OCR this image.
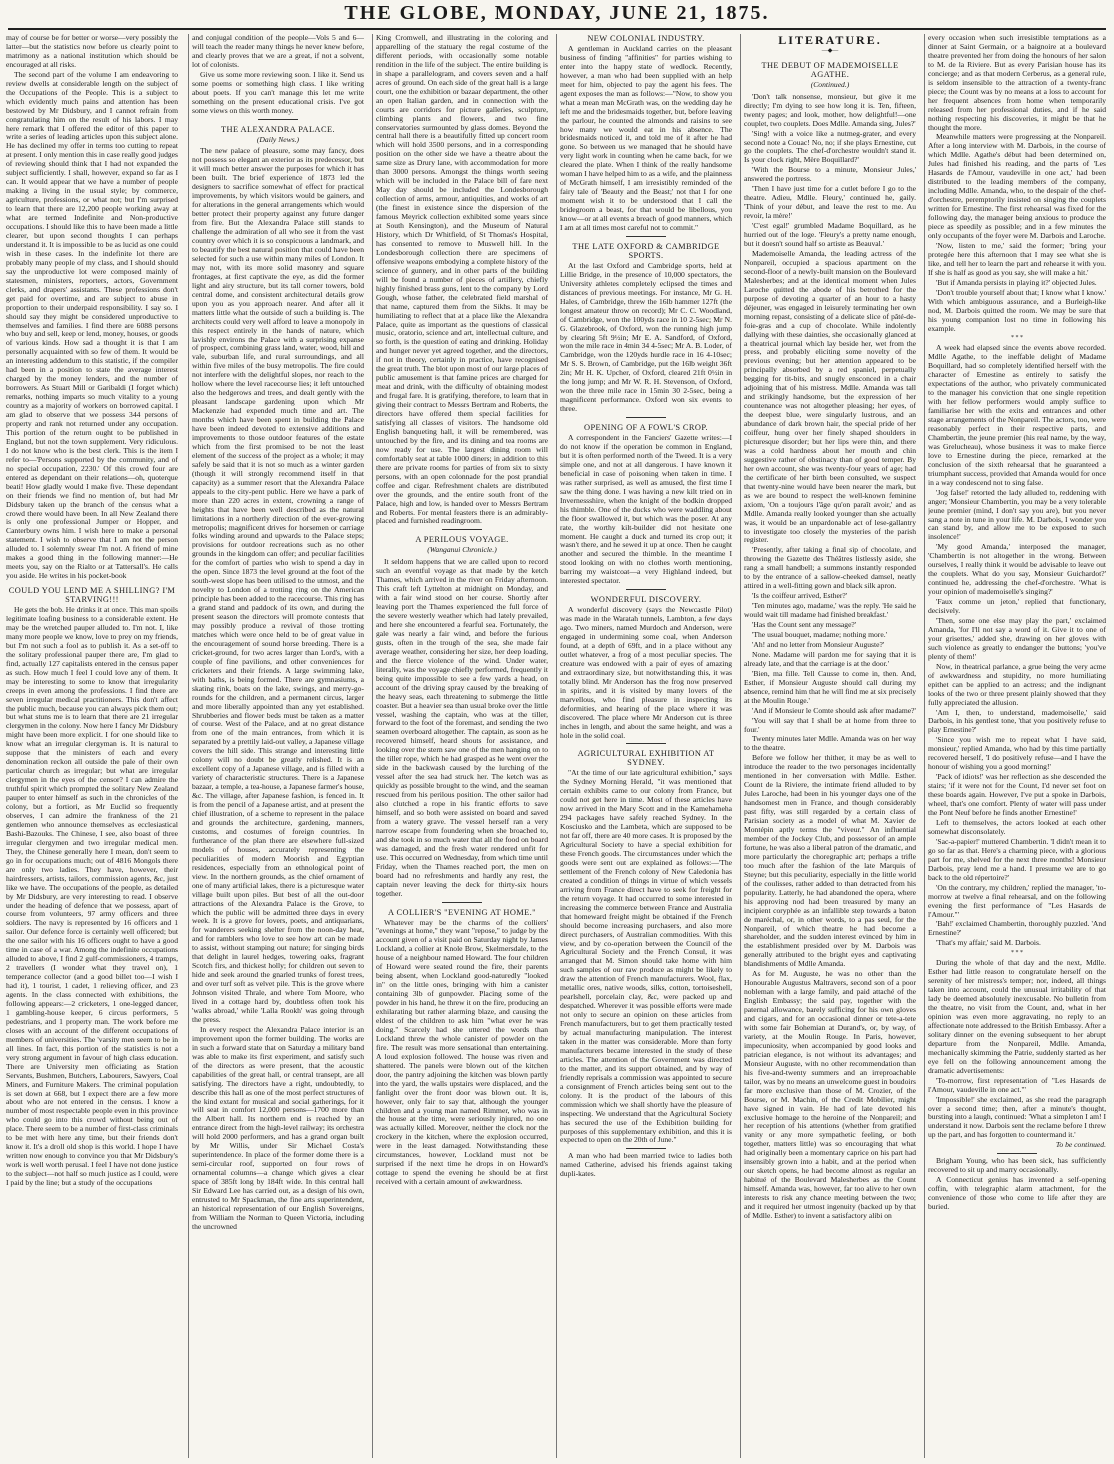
THE GLOBE, MONDAY, JUNE 21, 1875.

may of course be for better or worse—very possibly the latter—but the statistics now before us clearly point to matrimony as a national institution which should be encouraged at all risks.

The second part of the volume I am endeavoring to review dwells at considerable length on the subject of the Occupations of the People. This is a subject to which evidently much pains and attention has been bestowed by Mr Didsbury, and I cannot refrain from congratulating him on the result of his labors. I may here remark that I offered the editor of this paper to write a series of leading articles upon this subject alone. He has declined my offer in terms too cutting to repeat at present. I only mention this in case really good judges of reviewing should think that I had not expanded the subject sufficiently. I shall, however, expand so far as I can. It would appear that we have a number of people making a living in the usual style; by commerce, agriculture, professions, or what not; but I'm surprised to learn that there are 12,200 people working away at what are termed Indefinite and Non-productive occupations. I should like this to have been made a little clearer, but upon second thoughts I can perhaps understand it. It is impossible to be as lucid as one could wish in these cases. In the indefinite lot there are probably many people of my class, and I should should say the unproductive lot were composed mainly of statesmen, ministers, reporters, actors, Government clerks, and drapers' assistants. These professions don't get paid for overtime, and are subject to abuse in proportion to their underpaid responsibility. I say so. I should say they might be considered unproductive to themselves and families. I find there are 6088 persons who buy and sell, keep or lend, money, houses, or goods of various kinds. How sad a thought it is that I am personally acquainted with so few of them. It would be an interesting addendum to this statistic, if the compiler had been in a position to state the average interest charged by the money lenders, and the number of borrowers. As Stuart Mill or Garibaldi (I forget which) remarks, nothing imparts so much vitality to a young country as a majority of workers on borrowed capital. I am glad to observe that we possess 344 persons of property and rank not returned under any occupation. This portion of the return ought to be published in England, but not the town supplement. Very ridiculous. I do not know who is the best clerk. This is the item I refer to—'Persons supported by the community, and of no special occupation, 2230.' Of this crowd four are entered as dependant on their relations—oh, quoterque beati! How gladly would I make five. These dependant on their friends we find no mention of, but had Mr Didsbury taken up the branch of the census what a crowd there would have been. In all New Zealand there is only one professional Jumper or Hopper, and Canterbury owns him. I wish here to make a personal statement. I wish to observe that I am not the person alluded to. I solemnly swear I'm not. A friend of mine makes a good thing in the following manner:—He meets you, say on the Rialto or at Tattersall's. He calls you aside. He writes in his pocket-book

COULD YOU LEND ME A SHILLING? I'M STARVING!!!

He gets the bob. He drinks it at once. This man spoils legitimate loafing business to a considerable extent. He may be the wretched pauper alluded to. I'm not. I, like many more people we know, love to prey on my friends, but I'm not such a fool as to publish it. As a set-off to the solitary professional pauper there are, I'm glad to find, actually 127 capitalists entered in the census paper as such. How much I feel I could love any of them. It may be interesting to some to know that irregularity creeps in even among the professions. I find there are seven irregular medical practitioners. This don't affect the public much, because you can always pick them out; but what stuns me is to learn that there are 21 irregular clergymen in the colony. Now here I fancy Mr Didsbury might have been more explicit. I for one should like to know what an irregular clergyman is. It is natural to suppose that the ministers of each and every denomination reckon all outside the pale of their own particular church as irregular; but what are irregular clergymen in the eyes of the censor? I can admire the truthful spirit which prompted the solitary New Zealand pauper to enter himself as such in the chronicles of the colony, but a fortiori, as Mr Euclid so frequently observes, I can admire the frankness of the 21 gentlemen who announce themselves as ecclesiastical Bashi-Bazouks. The Chinese, I see, also boast of three irregular clergymen and two irregular medical men. They, the Chinese generally here I mean, don't seem to go in for occupations much; out of 4816 Mongols there are only two ladies. They have, however, their hairdressers, artists, tailors, commission agents, &c, just like we have. The occupations of the people, as detailed by Mr Didsbury, are very interesting to read. I observe under the heading of defence that we possess, apart of course from volunteers, 97 army officers and three soldiers. The navy is represented by 16 officers and 1 sailor. Our defence force is certainly well officered; but the one sailor with his 16 officers ought to have a good time in case of a war. Among the indefinite occupations alluded to above, I find 2 gulf-commissioners, 4 tramps, 2 travellers (I wonder what they travel on), 1 temperance collector (and a good billet too—I wish I had it), 1 tourist, 1 cadet, 1 relieving officer, and 23 agents. In the class connected with exhibitions, the following appears:—2 cricketers, 1 one-legged dancer, 1 gambling-house keeper, 6 circus performers, 5 pedestrians, and 1 property man. The work before me closes with an account of the different occupations of members of universities. The 'varsity men seem to be in all lines. In fact, this portion of the statistics is not a very strong argument in favour of high class education. There are University men officiating as Station Servants, Bushmen, Butchers, Labourers, Sawyers, Coal Miners, and Furniture Makers. The criminal population is set down at 668, but I expect there are a few more about who are not entered in the census. I know a number of most respectable people even in this province who could go into this crowd without being out of place. There seem to be a number of first-class criminals to be met with here any time, but their friends don't know it. It's a droll old shop is this world. I hope I have written now enough to convince you that Mr Didsbury's work is well worth perusal. I feel I have not done justice to the subject—not half so much justice as I could, were I paid by the line; but a study of the occupations

and conjugal condition of the people—Vols 5 and 6—will teach the reader many things he never knew before, and clearly proves that we are a great, if not a solvent, lot of colonists.

Give us some more reviewing soon. I like it. Send us some poems or something high class. I like writing about poets. If you can't manage this let me write something on the present educational crisis. I've got some views on this worth money.

THE ALEXANDRA PALACE.
(Daily News.)

The new palace of pleasure, some may fancy, does not possess so elegant an exterior as its predecessor, but it will much better answer the purposes for which it has been built. The brief experience of 1873 led the designers to sacrifice somewhat of effect for practical improvements, by which visitors would be gainers, and for alterations in the general arrangements which would better protect their property against any future danger from fire. But the Alexandra Palace still stands to challenge the admiration of all who see it from the vast country over which it is so conspicuous a landmark, and to beautify the best natural position that could have been selected for such a use within many miles of London. It may not, with its more solid masonry and square frontages, at first captivate the eye, as did the former light and airy structure, but its tall corner towers, bold central dome, and consistent architectural details grow upon you as you approach nearer. And after all it matters little what the outside of such a building is. The architects could very well afford to leave a monopoly in this respect entirely in the hands of nature, which lavishly environs the Palace with a surprising expanse of prospect, combining grass land, water, wood, hill and vale, suburban life, and rural surroundings, and all within five miles of the busy metropolis. The fire could not interfere with the delightful slopes, nor reach to the hollow where the level racecourse lies; it left untouched also the hedgerows and trees, and dealt gently with the pleasant landscape gardening upon which Mr Mackenzie had expended much time and art. The months which have been spent in building the Palace have been indeed devoted to extensive additions and improvements to those outdoor features of the estate which from the first promised to be not the least element of the success of the project as a whole; it may safely be said that it is not so much as a winter garden (though it will strongly recommend itself in that capacity) as a summer resort that the Alexandra Palace appeals to the city-pent public. Here we have a park of more than 220 acres in extent, crowning a range of heights that have been well described as the natural limitations in a northerly direction of the ever-growing metropolis; magnificent drives for horsemen or carriage folks winding around and upwards to the Palace steps; provisions for outdoor recreations such as no other grounds in the kingdom can offer; and peculiar facilities for the comfort of parties who wish to spend a day in the open. Since 1873 the level ground at the foot of the south-west slope has been utilised to the utmost, and the novelty to London of a trotting ring on the American principle has been added to the racecourse. This ring has a grand stand and paddock of its own, and during the present season the directors will promote contests that may possibly produce a revival of those trotting matches which were once held to be of great value in the encouragement of sound horse breeding. There is a cricket-ground, for two acres larger than Lord's, with a couple of fine pavilions, and other conveniences for cricketers and their friends. A large swimming lake, with baths, is being formed. There are gymnasiums, a skating rink, boats on the lake, swings, and merry-go-rounds for the children, and a permanent circus, larger and more liberally appointed than any yet established. Shrubberies and flower beds must be taken as a matter of course. West of the Palace, and at no great distance from one of the main entrances, from which it is separated by a prettily laid-out valley, a Japanese village covers the hill side. This strange and interesting little colony will no doubt be greatly relished. It is an excellent copy of a Japanese village, and is filled with a variety of characteristic structures. There is a Japanese bazaar, a temple, a tea-house, a Japanese farmer's house, &c. The village, after Japanese fashion, is fenced in. It is from the pencil of a Japanese artist, and at present the chief illustration, of a scheme to represent in the palace and grounds the architecture, gardening, manners, customs, and costumes of foreign countries. In furtherance of the plan there are elsewhere full-sized models of houses, accurately representing the peculiarities of modern Moorish and Egyptian residences, especially from an ethnological point of view. In the northern grounds, as the chief ornament of one of many artificial lakes, there is a picturesque water village built upon piles. But best of all the out-door attractions of the Alexandra Palace is the Grove, to which the public will be admitted three days in every week. It is a grove for lovers, poets, and antiquarians, for wanderers seeking shelter from the noon-day heat, and for ramblers who love to see how art can be made to assist, without stamping out nature; for singing birds that delight in laurel hedges, towering oaks, fragrant Scotch firs, and thickest holly; for children out seven to hide and seek around the gnarled trunks of forest trees, and over turf soft as velvet pile. This is the grove where Johnson visited Thrale, and where Tom Moore, who lived in a cottage hard by, doubtless often took his 'walks abroad,' while 'Lalla Rookh' was going through the press.

In every respect the Alexandra Palace interior is an improvement upon the former building. The works are in such a forward state that on Saturday a military band was able to make its first experiment, and satisfy such of the directors as were present, that the acoustic capabilities of the great hall, or central transept, are all satisfying. The directors have a right, undoubtedly, to describe this hall as one of the most perfect structures of the kind extant for musical and social gatherings, for it will seat in comfort 12,000 persons—1700 more than the Albert hall. Its northern end is reached by an entrance direct from the high-level railway; its orchestra will hold 2000 performers, and has a grand organ built by Mr Willis, under Sir Michael Costa's superintendence. In place of the former dome there is a semi-circular roof, supported on four rows of ornamental columns—a change which gives a clear space of 385ft long by 184ft wide. In this central hall Sir Edward Lee has carried out, as a design of his own, entrusted to Mr Spackman, the fine arts superintendent, an historical representation of our English Sovereigns, from William the Norman to Queen Victoria, including the uncrowned

King Cromwell, and illustrating in the coloring and apparelling of the statuary the regal costume of the different periods, with occasionally some notable rendition in the life of the subject. The entire building is in shape a parallelogram, and covers seven and a half acres of ground. On each side of the great hall is a large court, one the exhibition or bazaar department, the other an open Italian garden, and in connection with the courts are corridors for picture galleries, sculpture, climbing plants and flowers, and two fine conservatories surmounted by glass domes. Beyond the central hall there is a beautifully fitted up concert room which will hold 3500 persons, and in a corresponding position on the other side we have a theatre about the same size as Drury lane, with accommodation for more than 3000 persons. Amongst the things worth seeing which will be included in the Palace bill of fare next May day should be included the Londesborough collection of arms, armour, antiquities, and works of art (the finest in existence since the dispersion of the famous Meyrick collection exhibited some years since at South Kensington), and the Museum of Natural History, which Dr Whitfield, of St Thomas's Hospital, has consented to remove to Muswell hill. In the Londesborough collection there are specimens of offensive weapons embodying a complete history of the science of gunnery, and in other parts of the building will be found a number of pieces of artillery, chiefly highly finished brass guns, lent to the company by Lord Gough, whose father, the celebrated field marshal of that name, captured them from the Sikhs. It may be humiliating to reflect that at a place like the Alexandra Palace, quite as important as the questions of classical music, oratorio, science and art, intellectual culture, and so forth, is the question of eating and drinking. Holiday and hunger never yet agreed together, and the directors, if not in theory, certainly in practice, have recognised the great truth. The blot upon most of our large places of public amusement is that famine prices are charged for meat and drink, with the difficulty of obtaining modest and frugal fare. It is gratifying, therefore, to learn that in giving their contract to Messrs Bertram and Roberts, the directors have offered them special facilities for satisfying all classes of visitors. The handsome old English banqueting hall, it will be remembered, was untouched by the fire, and its dining and tea rooms are now ready for use. The largest dining room will comfortably seat at table 1000 diners; in addition to this there are private rooms for parties of from six to sixty persons, with an open colonnade for the post prandial coffee and cigar. Refreshment chalets are distributed over the grounds, and the entire south front of the Palace, high and low, is handed over to Messrs Bertram and Roberts. For mental feasters there is an admirably-placed and furnished readingroom.

A PERILOUS VOYAGE.
(Wanganui Chronicle.)

It seldom happens that we are called upon to record such an eventful voyage as that made by the ketch Thames, which arrived in the river on Friday afternoon. This craft left Lyttelton at midnight on Monday, and with a fair wind stood on her course. Shortly after leaving port the Thames experienced the full force of the severe westerly weather which had lately prevailed, and here she encountered a fearful sea. Fortunately, the gale was nearly a fair wind, and before the furious gusts, often in the trough of the sea, she made fair average weather, considering her size, her deep loading, and the fierce violence of the wind. Under water, literally, was the voyage chiefly performed, frequently it being quite impossible to see a few yards a head, on account of the driving spray caused by the breaking of the heavy seas, each threatening to submerge the little coaster. But a heavier sea than usual broke over the little vessel, washing the captain, who was at the tiller, forward to the foot of the foremast, and sending the two seamen overboard altogether. The captain, as soon as he recovered himself, heard shouts for assistance, and looking over the stern saw one of the men hanging on to the tiller rope, which he had grasped as he went over the side in the backwash caused by the lurching of the vessel after the sea had struck her. The ketch was as quickly as possible brought to the wind, and the seaman rescued from his perilous position. The other sailor had also clutched a rope in his frantic efforts to save himself, and so both were assisted on board and saved from a watery grave. The vessel herself ran a very narrow escape from foundering when she broached to, and she took in so much water that all the food on board was damaged, and the fresh water rendered unfit for use. This occurred on Wednesday, from which time until Friday, when the Thames reached port, the men on board had no refreshments and hardly any rest, the captain never leaving the deck for thirty-six hours together.

A COLLIER'S "EVENING AT HOME."

Whatever may be the charms of the colliers' "evenings at home," they want "repose," to judge by the account given of a visit paid on Saturday night by James Lockland, a collier at Knole Brow, Skelmersdale, to the house of a neighbour named Howard. The four children of Howard were seated round the fire, their parents being absent, when Lockland good-naturedly "looked in" on the little ones, bringing with him a canister containing 3lb of gunpowder. Placing some of the powder in his hand, he threw it on the fire, producing an exhilarating but rather alarming blaze, and causing the eldest of the children to ask him "what ever he was doing." Scarcely had she uttered the words than Lockland threw the whole canister of powder on the fire. The result was more sensational than entertaining. A loud explosion followed. The house was riven and shattered. The panels were blown out of the kitchen door, the pantry adjoining the kitchen was blown partly into the yard, the walls upstairs were displaced, and the fanlight over the front door was blown out. It is, however, only fair to say that, although the younger children and a young man named Rimmer, who was in the house at the time, were seriously injured, no one was actually killed. Moreover, neither the clock nor the crockery in the kitchen, where the explosion occurred, were in the least damaged. Notwithstanding these circumstances, however, Lockland must not be surprised if the next time he drops in on Howard's cottage to spend the evening he should be at first received with a certain amount of awkwardness.

NEW COLONIAL INDUSTRY.

A gentleman in Auckland carries on the pleasant business of finding "affinities" for parties wishing to enter into the happy state of wedlock. Recently, however, a man who had been supplied with an help meet for him, objected to pay the agent his fees. The agent exposes the man as follows:—"Now, to show you what a mean man McGrath was, on the wedding day he left me and the bridesmaids together, but, before leaving the parlour, he counted the almonds and raisins to see how many we would eat in his absence. The bridesmaids noticed it, and told me of it after he had gone. So between us we managed that he should have very light work in counting when he came back, for we cleared the plate. When I think of the really handsome woman I have helped him to as a wife, and the plainness of McGrath himself, I am irresistibly reminded of the fairy tale of 'Beauty and the Beast;' not that I for one moment wish it to be understood that I call the bridegroom a beast, for that would be libellous, you know—or at all events a breach of good manners, which I am at all times most careful not to commit."

THE LATE OXFORD & CAMBRIDGE SPORTS.

At the last Oxford and Cambridge sports, held at Lillie Bridge, in the presence of 10,000 spectators, the University athletes completely eclipsed the times and distances of previous meetings. For instance, Mr G. H. Hales, of Cambridge, threw the 16lb hammer 127ft (the longest amateur throw on record); Mr C. C. Woodland, of Cambridge, won the 100yds race in 10 2-5sec; Mr N. G. Glazebrook, of Oxford, won the running high jump by clearing 5ft 9½in; Mr E. A. Sandford, of Oxford, won the mile race in 4min 34 4-5sec; Mr A. B. Loder, of Cambridge, won the 120yds hurdle race in 16 4-10sec; Mr S. S. Brown, of Cambridge, put the 16lb weight 36ft 2in; Mr H. K. Upcher, of Oxford, cleared 21ft 0½in in the long jump; and Mr W. R. H. Stevenson, of Oxford, won the three mile race in 15min 30 2-5sec, being a magnificent performance. Oxford won six events to three.

OPENING OF A FOWL'S CROP.

A correspondent in the Fanciers' Gazette writes:—I do not know if the operation be common in England, but it is often performed north of the Tweed. It is a very simple one, and not at all dangerous. I have known it beneficial in case of poisoning when taken in time. I was rather surprised, as well as amused, the first time I saw the thing done. I was having a new kilt tried on in Invernessshire, when the knight of the bodkin dropped his thimble. One of the ducks who were waddling about the floor swallowed it, but which was the poser. At any rate, the worthy kilt-builder did not hesitate one moment. He caught a duck and turned its crop out; it wasn't there, and he sewed it up at once. Then he caught another and secured the thimble. In the meantime I stood looking on with no clothes worth mentioning, barring my waistcoat—a very Highland indeed, but interested spectator.

WONDERFUL DISCOVERY.

A wonderful discovery (says the Newcastle Pilot) was made in the Waratah tunnels, Lambton, a few days ago. Two miners, named Murdoch and Anderson, were engaged in undermining some coal, when Anderson found, at a depth of 69ft, and in a place without any outlet whatever, a frog of a most peculiar species. The creature was endowed with a pair of eyes of amazing and extraordinary size, but notwithstanding this, it was totally blind. Mr Anderson has the frog now preserved in spirits, and it is visited by many lovers of the marvellous, who find pleasure in inspecting its deformities, and hearing of the place where it was discovered. The place where Mr Anderson cut is three inches in length, and about the same height, and was a hole in the solid coal.

AGRICULTURAL EXHIBITION AT SYDNEY.

"At the time of our late agricultural exhibition," says the Sydney Morning Herald, "it was mentioned that certain exhibits came to our colony from France, but could not get here in time. Most of these articles have now arrived in the Mary Scott and in the Kamehameha 294 packages have safely reached Sydney. In the Kosciusko and the Lambeta, which are supposed to be not far off, there are 40 more cases. It is proposed by the Agricultural Society to have a special exhibition for these French goods. The circumstances under which the goods were sent out are explained as follows:—'The settlement of the French colony of New Caledonia has created a condition of things in virtue of which vessels arriving from France direct have to seek for freight for the return voyage. It had occurred to some interested in increasing the commerce between France and Australia that homeward freight might be obtained if the French should become increasing purchasers, and also more direct purchasers, of Australian commodities. With this view, and by co-operation between the Council of the Agricultural Society and the French Consul, it was arranged that M. Simon should take home with him such samples of our raw produce as might be likely to draw the attention of French manufacturers. Wool, flax, metallic ores, native woods, silks, cotton, tortoiseshell, pearlshell, porcelain clay, &c, were packed up and despatched. Wherever it was possible efforts were made not only to secure an opinion on these articles from French manufacturers, but to get them practically tested by actual manufacturing manipulation. The interest taken in the matter was considerable. More than forty manufacturers became interested in the study of these articles. The attention of the Government was directed to the matter, and its support obtained, and by way of friendly reprisals a commission was appointed to secure a consignment of French articles being sent out to the colony. It is the product of the labours of this commission which we shall shortly have the pleasure of inspecting. We understand that the Agricultural Society has secured the use of the Exhibition building for purposes of this supplementary exhibition, and this it is expected to open on the 20th of June."

A man who had been married twice to ladies both named Catherine, advised his friends against taking dupli-kates.

LITERATURE.
—◆—
THE DEBUT OF MADEMOISELLE AGATHE.
(Continued.)

'Don't talk nonsense, monsieur, but give it me directly; I'm dying to see how long it is. Ten, fifteen, twenty pages; and look, mother, how delightful!—one couplet, two couplets. Does Mdlle. Amanda sing, Jules?'

'Sing! with a voice like a nutmeg-grater, and every second note a Couac! No, no; if she plays Ernestine, cut go the couplets. The chef-d'orchestre wouldn't stand it. Is your clock right, Mère Boquillard?'

'With the Bourse to a minute, Monsieur Jules,' answered the portress.

'Then I have just time for a cutlet before I go to the theatre. Adieu, Mdlle. Fleury,' continued he, gaily. 'Think of your début, and leave the rest to me. Au revoir, la mère!'

'C'est egal!' grumbled Madame Boquillard, as he hurried out of the loge. 'Fleury's a pretty name enough, but it doesn't sound half so artiste as Beauval.'

Mademoiselle Amanda, the leading actress of the Nonpareil, occupied a spacious apartment on the second-floor of a newly-built mansion on the Boulevard Malesherbes; and at the identical moment when Jules Laroche quitted the abode of his betrothed for the purpose of devoting a quarter of an hour to a hasty déjeuner, was engaged in leisurely terminating her own morning repast, consisting of a delicate slice of pâté-de-foie-gras and a cup of chocolate. While indolently dallying with these dainties, she occasionally glanced at a theatrical journal which lay beside her, wet from the press, and probably eliciting some novelty of the previous evening; but her attention appeared to be principally absorbed by a red spaniel, perpetually begging for tit-bits, and snugly ensconced in a chair adjoining that of his mistress. Mdlle. Amanda was tall and strikingly handsome, but the expression of her countenance was not altogether pleasing; her eyes, of the deepest blue, were singularly lustrous, and an abundance of dark brown hair, the special pride of her coiffeur, hung over her finely shaped shoulders in picturesque disorder; but her lips were thin, and there was a cold hardness about her mouth and chin suggestive rather of obstinacy than of good temper. By her own account, she was twenty-four years of age; had the certificate of her birth been consulted, we suspect that twenty-nine would have been nearer the mark, but as we are bound to respect the well-known feminine axiom, 'On a toujours l'âge qu'on paraît avoir,' and as Mdlle. Amanda really looked younger than she actually was, it would be an unpardonable act of lese-gallantry to investigate too closely the mysteries of the parish register.

'Presently, after taking a final sip of chocolate, and throwing the Gazette des Théâtres listlessly aside, she rang a small handbell; a summons instantly responded to by the entrance of a sallow-cheeked damsel, neatly attired in a well-fitting gown and black silk apron.

'Is the coiffeur arrived, Esther?'

'Ten minutes ago, madame,' was the reply. 'He said he would wait till madame had finished breakfast.'

'Has the Count sent any message?'

'The usual bouquet, madame; nothing more.'

'Ah! and no letter from Monsieur Auguste?'

None. Madame will pardon me for saying that it is already late, and that the carriage is at the door.'

'Bien, ma fille. Tell Causse to come in, then. And, Esther, if Monsieur Auguste should call during my absence, remind him that he will find me at six precisely at the Moulin Rouge.'

'And if Monsieur le Comte should ask after madame?'

'You will say that I shall be at home from three to four.'

Twenty minutes later Mdlle. Amanda was on her way to the theatre.

Before we follow her thither, it may be as well to introduce the reader to the two personages incidentally mentioned in her conversation with Mdlle. Esther. Count de la Riviere, the intimate friend alluded to by Jules Laroche, had been in his younger days one of the handsomest men in France, and though considerably past fifty, was still regarded by a certain class of Parisian society as a model of what M. Xavier de Montépin aptly terms the "viveur." An influential member of the Jockey Club, and possessor of an ample fortune, he was also a liberal patron of the dramatic, and more particularly the choregraphic art; perhaps a trifle too much after the fashion of the late Marquis of Steyne; but this peculiarity, especially in the little world of the coulisses, rather added to than detracted from his popularity. Latterly, he had abandoned the opera, where his approving nod had been treasured by many an incipient coryphée as an infallible step towards a baton de maréchal, or, in other words, to a pas seul, for the Nonpareil, of which theatre he had become a shareholder, and the sudden interest evinced by him in the establishment presided over by M. Darbois was generally attributed to the bright eyes and captivating blandishments of Mdlle Amanda.

As for M. Auguste, he was no other than the Honourable Augustus Maltravers, second son of a poor nobleman with a large family, and paid attaché of the English Embassy; the said pay, together with the paternal allowance, barely sufficing for his own gloves and cigars, and for an occasional dinner or tete-a-tete with some fair Bohemian at Durand's, or, by way, of variety, at the Moulin Rouge. In Paris, however, impecuniosity, when accompanied by good looks and patrician elegance, is not without its advantages; and Monsieur Auguste, with no other recommendation than his five-and-twenty summers and an irreproachable tailor, was by no means an unwelcome guest in boudoirs far more exclusive than those of M. Crozier, of the Bourse, or M. Machin, of the Credit Mobilier, might have signed in vain. He had of late devoted his exclusive homage to the heroine of the Nonpareil; and her reception of his attentions (whether from gratified vanity or any more sympathetic feeling, or both together, matters little) was so encouraging that what had originally been a momentary caprice on his part had insensibly grown into a habit, and at the period when our sketch opens, he had become almost as regular an habitué of the Boulevard Malesherbes as the Count himself. Amanda was, however, far too alive to her own interests to risk any chance meeting between the two; and it required her utmost ingenuity (backed up by that of Mdlle. Esther) to invent a satisfactory alibi on

every occasion when such irresistible temptations as a dinner at Saint Germain, or a baignoire at a boulevard theatre prevented her from doing the honours of her salon to M. de la Riviere. But as every Parisian house has its concierge; and as that modern Cerberus, as a general rule, is seldom insensible to the attraction of a twenty-franc piece; the Count was by no means at a loss to account for her frequent absences from home when temporarily released from her professional duties, and if he said nothing respecting his discoveries, it might be that he thought the more.

Meanwhile matters were progressing at the Nonpareil. After a long interview with M. Darbois, in the course of which Mdlle. Agathe's début had been determined on, Jules had finished his reading, and the parts of 'Les Hasards de l'Amour, vaudeville in one act,' had been distributed to the leading members of the company, including Mdlle. Amanda, who, to the despair of the chef-d'orchestre, peremptorily insisted on singing the couplets written for Ernestine. The first rehearsal was fixed for the following day, the manager being anxious to produce the piece as speedily as possible; and in a few minutes the only occupants of the foyer were M. Darbois and Laroche.

'Now, listen to me,' said the former; 'bring your protegée here this afternoon that I may see what she is like, and tell her to learn the part and rehearse it with you. If she is half as good as you say, she will make a hit.'

'But if Amanda persists in playing it?' objected Jules.

'Don't trouble yourself about that; I know what I know.' With which ambiguous assurance, and a Burleigh-like nod, M. Darbois quitted the room. We may be sure that his young companion lost no time in following his example.

* * *

A week had elapsed since the events above recorded. Mdlle Agathe, to the ineffable delight of Madame Boquillard, had so completely identified herself with the character of Ernestine as entirely to satisfy the expectations of the author, who privately communicated to the manager his conviction that one single repetition with her fellow performers would amply suffice to familiarise her with the exits and entrances and other stage arrangements of the Nonpareil. The actors, too, were reasonably perfect in their respective parts, and Chambertin, the jeune premier (his real name, by the way, was Grelucheau), whose business it was to make fierce love to Ernestine during the piece, remarked at the conclusion of the sixth rehearsal that he guaranteed a triumphant success, provided that Amanda would for once in a way condescend not to sing false.

'Jog false!' retorted the lady alluded to, reddening with anger; 'Monsieur Chambertin, you may be a very tolerable jeune premier (mind, I don't say you are), but you never sang a note in tune in your life. M. Darbois, I wonder you can stand by, and allow me to be exposed to such insolence!'

'My good Amanda,' interposed the manager, 'Chambertin is not altogether in the wrong. Between ourselves, I really think it would be advisable to leave out the couplets. What do you say, Monsieur Guichardot?' continued he, addressing the chef-d'orchestre. 'What is your opinion of mademoiselle's singing?'

'Faux comme un jeton,' replied that functionary, decisively.

'Then, some one else may play the part,' exclaimed Amanda, 'for I'll not say a word of it. Give it to one of your grisettes,' added she, drawing on her gloves with such violence as greatly to endanger the buttons; 'you've plenty of them!'

Now, in theatrical parlance, a grue being the very acme of awkwardness and stupidity, no more humiliating epithet can be applied to an actress; and the indignant looks of the two or three present plainly showed that they fully appreciated the allusion.

'Am I, then, to understand, mademoiselle,' said Darbois, in his gentlest tone, 'that you positively refuse to play Ernestine?'

'Since you wish me to repeat what I have said, monsieur,' replied Amanda, who had by this time partially recovered herself, 'I do positively refuse—and I have the honour of wishing you a good morning!'

'Pack of idiots!' was her reflection as she descended the stairs; 'if it were not for the Count, I'd never set foot on these boards again. However, I've put a spoke in Darbois, wheel, that's one comfort. Plenty of water will pass under the Pont Neuf before he finds another Ernestine!'

Left to themselves, the actors looked at each other somewhat disconsolately.

'Sac-a-papier!' muttered Chambertin. 'I didn't mean it to go so far as that. Here's a charming piece, with a glorious part for me, shelved for the next three months! Monsieur Darbois, pray lend me a hand. I presume we are to go back to the old répertoire?'

'On the contrary, my children,' replied the manager, 'to-morrow at twelve a final rehearsal, and on the following evening the first performance of "Les Hasards de l'Amour."'

'Bah!' exclaimed Chambertin, thoroughly puzzled. 'And Ernestine?'

'That's my affair,' said M. Darbois.

* * *

During the whole of that day and the next, Mdlle. Esther had little reason to congratulate herself on the serenity of her mistress's temper; nor, indeed, all things taken into account, could the unusual irritability of that lady be deemed absolutely inexcusable. No bulletin from the theatre, no visit from the Count, and, what in her opinion was even more aggravating, no reply to an affectionate note addressed to the British Embassy. After a solitary dinner on the evening subsequent to her abrupt departure from the Nonpareil, Mdlle. Amanda, mechanically skimming the Patrie, suddenly started as her eye fell on the following announcement among the dramatic advertisements:

'To-morrow, first representation of "Les Hasards de l'Amour, vaudeville in one act."'

'Impossible!' she exclaimed, as she read the paragraph over a second time; then, after a minute's thought, bursting into a laugh, continued: 'What a simpleton I am! I understand it now. Darbois sent the reclame before I threw up the part, and has forgotten to countermand it.'

To be continued.

Brigham Young, who has been sick, has sufficiently recovered to sit up and marry occasionally.

A Connecticut genius has invented a self-opening coffin, with telegraphic alarm attachment, for the convenience of those who come to life after they are buried.
